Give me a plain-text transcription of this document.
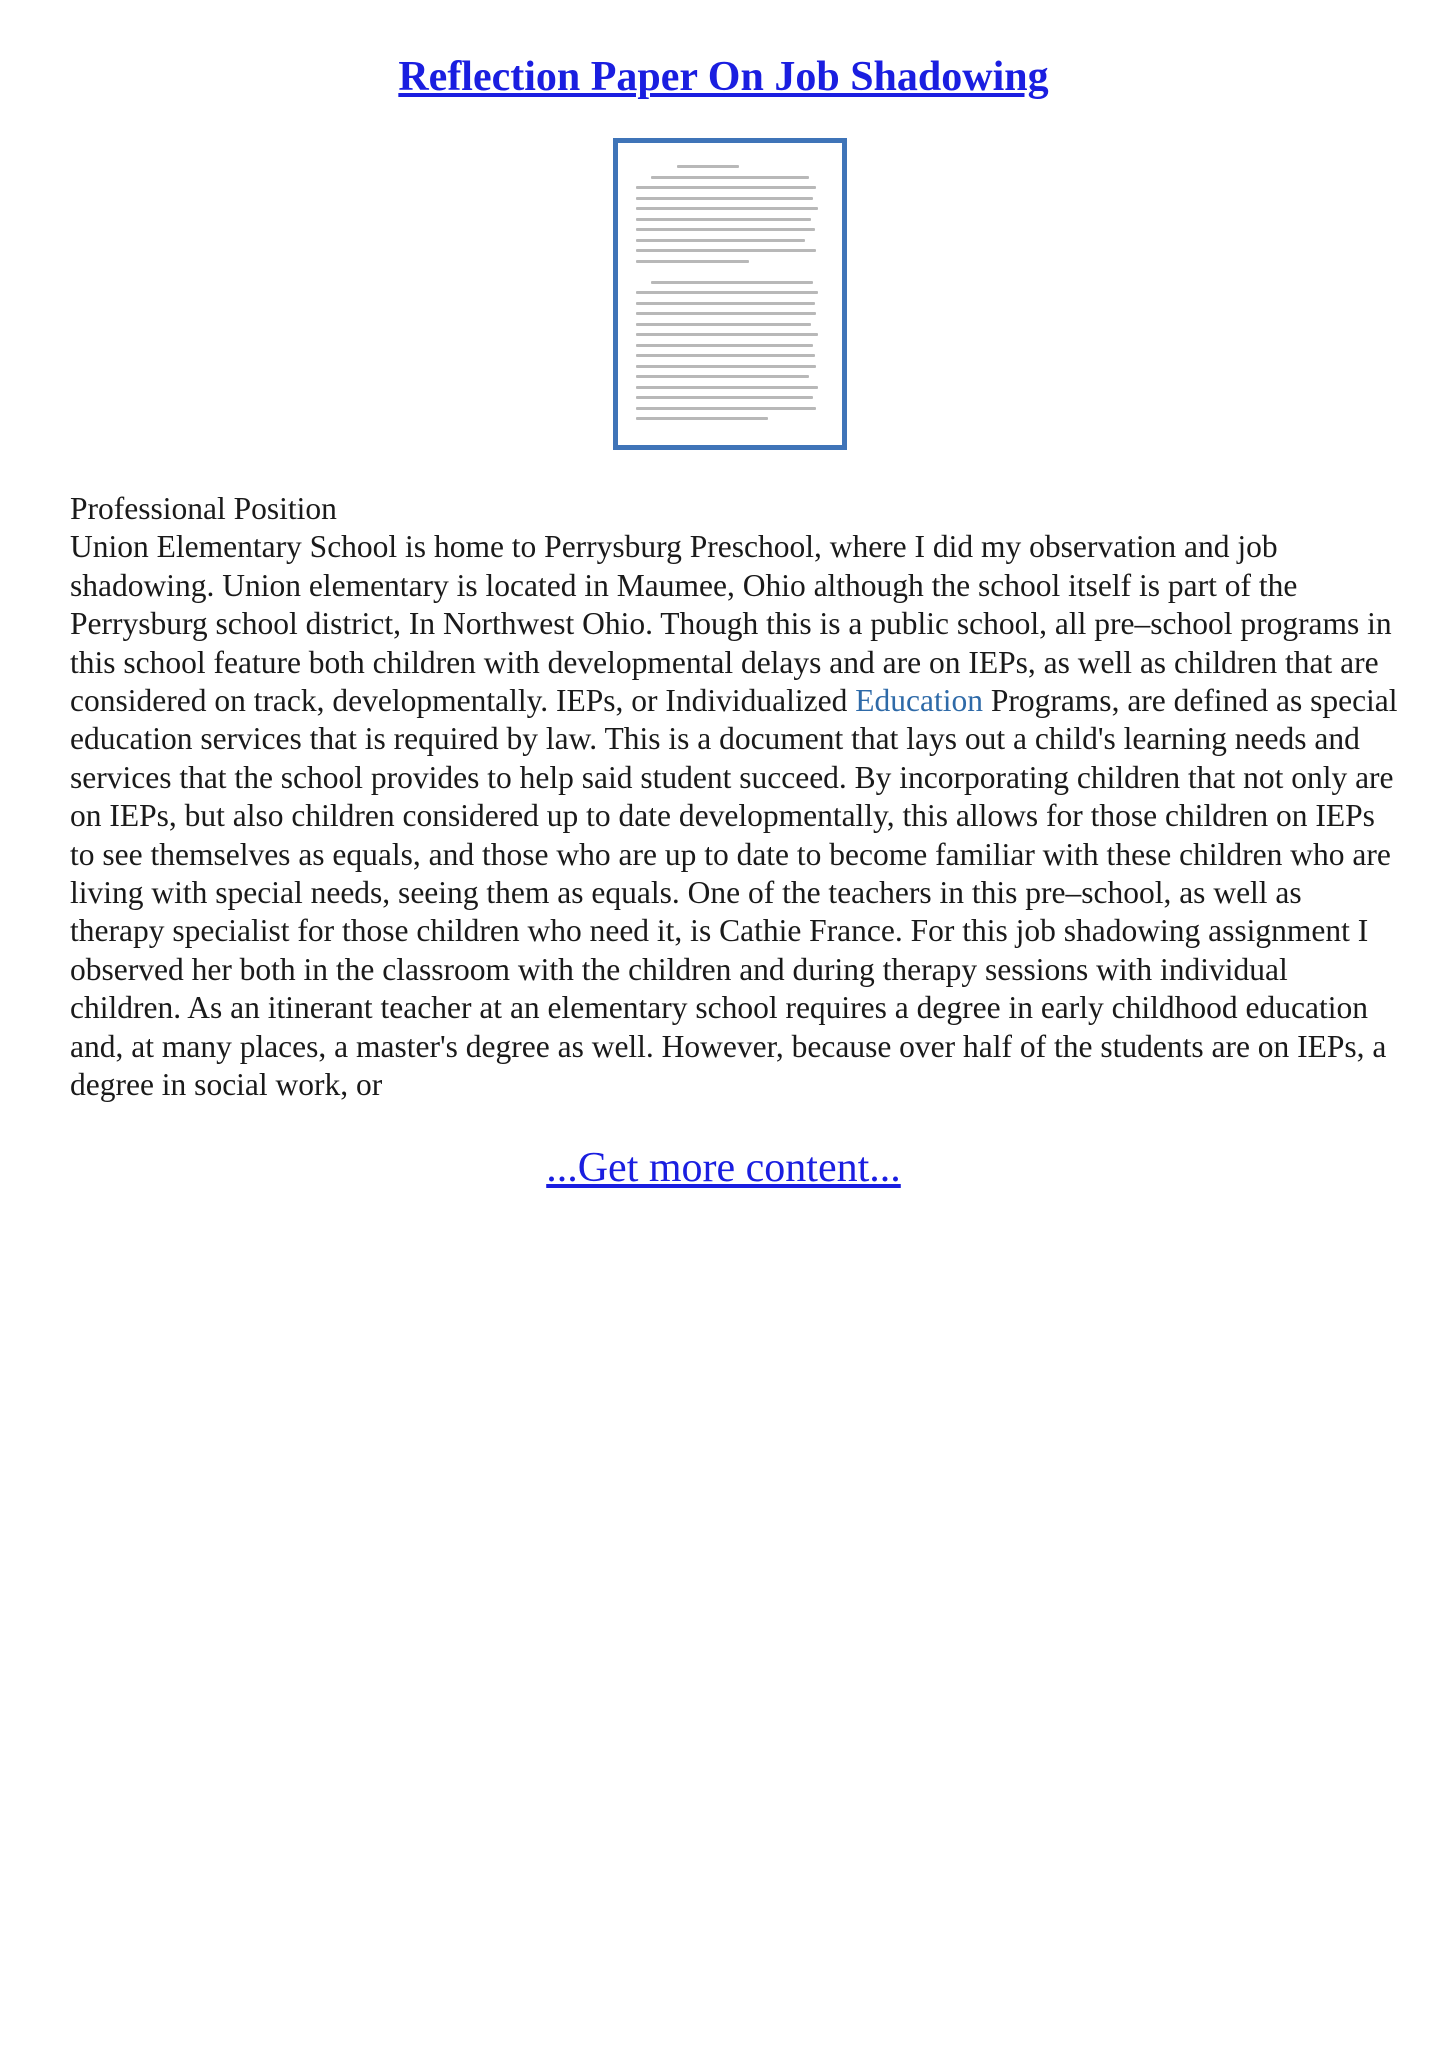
Reflection Paper On Job Shadowing
Professional Position
Union Elementary School is home to Perrysburg Preschool, where I did my observation and job shadowing. Union elementary is located in Maumee, Ohio although the school itself is part of the Perrysburg school district, In Northwest Ohio. Though this is a public school, all pre–school programs in this school feature both children with developmental delays and are on IEPs, as well as children that are considered on track, developmentally. IEPs, or Individualized Education Programs, are defined as special education services that is required by law. This is a document that lays out a child's learning needs and services that the school provides to help said student succeed. By incorporating children that not only are on IEPs, but also children considered up to date developmentally, this allows for those children on IEPs to see themselves as equals, and those who are up to date to become familiar with these children who are living with special needs, seeing them as equals. One of the teachers in this pre–school, as well as therapy specialist for those children who need it, is Cathie France. For this job shadowing assignment I observed her both in the classroom with the children and during therapy sessions with individual children. As an itinerant teacher at an elementary school requires a degree in early childhood education and, at many places, a master's degree as well. However, because over half of the students are on IEPs, a degree in social work, or
...Get more content...
